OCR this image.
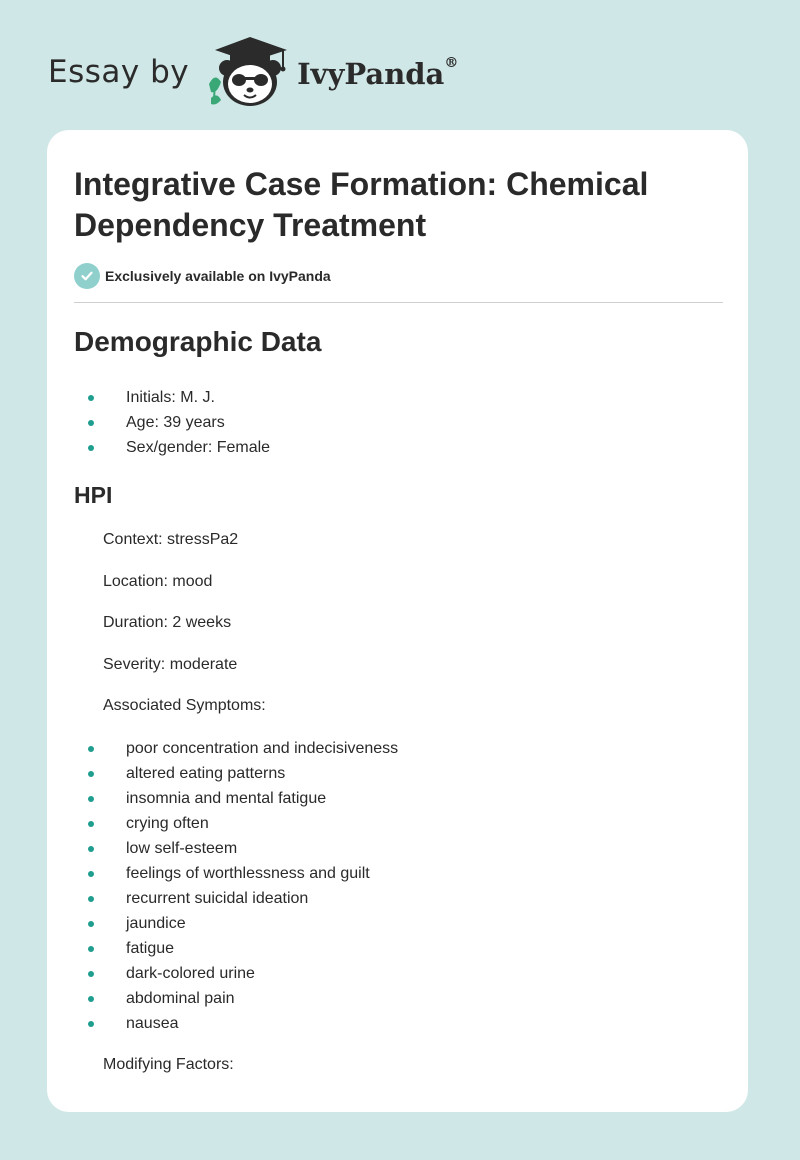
Essay by	IvyPanda®
Integrative Case Formation: Chemical Dependency Treatment
Exclusively available on IvyPanda
Demographic Data
Initials: M. J.
Age: 39 years
Sex/gender: Female
HPI

Context: stressPa2

Location: mood

Duration: 2 weeks

Severity: moderate

Associated Symptoms:

poor concentration and indecisiveness
altered eating patterns
insomnia and mental fatigue
crying often
low self-esteem
feelings of worthlessness and guilt
recurrent suicidal ideation
jaundice
fatigue
dark-colored urine
abdominal pain
nausea

Modifying Factors:
